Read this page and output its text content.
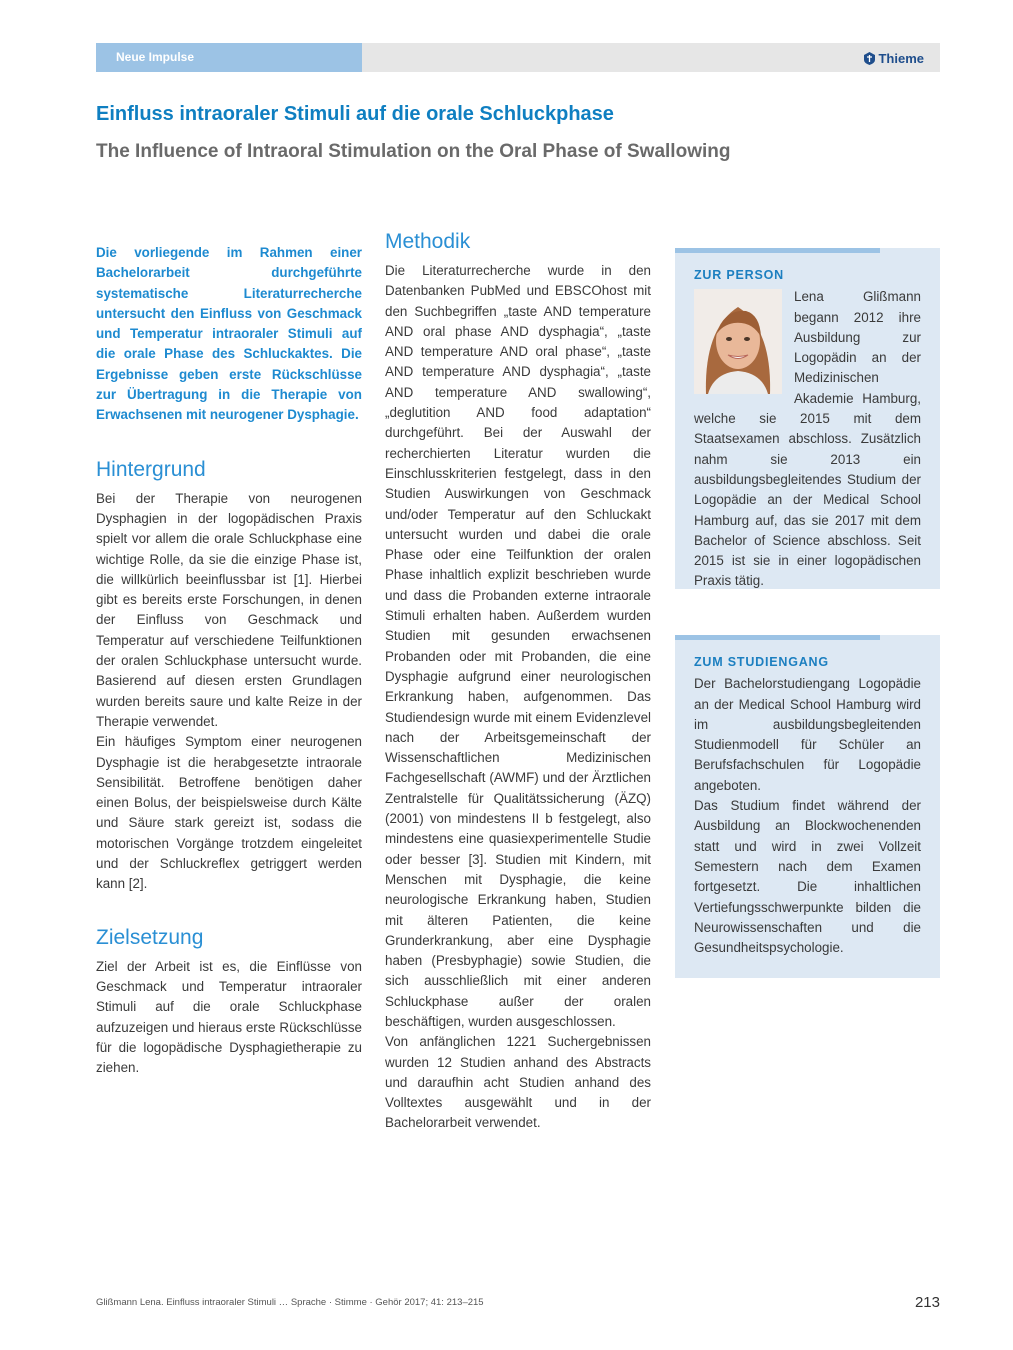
Neue Impulse	Thieme
Einfluss intraoraler Stimuli auf die orale Schluckphase
The Influence of Intraoral Stimulation on the Oral Phase of Swallowing

Die vorliegende im Rahmen einer Bachelorarbeit durchgeführte systematische Literaturrecherche untersucht den Einfluss von Geschmack und Temperatur intraoraler Stimuli auf die orale Phase des Schluckaktes. Die Ergebnisse geben erste Rückschlüsse zur Übertragung in die Therapie von Erwachsenen mit neurogener Dysphagie.

Hintergrund

Bei der Therapie von neurogenen Dysphagien in der logopädischen Praxis spielt vor allem die orale Schluckphase eine wichtige Rolle, da sie die einzige Phase ist, die willkürlich beeinflussbar ist [1]. Hierbei gibt es bereits erste Forschungen, in denen der Einfluss von Geschmack und Temperatur auf verschiedene Teilfunktionen der oralen Schluckphase untersucht wurde. Basierend auf diesen ersten Grundlagen wurden bereits saure und kalte Reize in der Therapie verwendet.

Ein häufiges Symptom einer neurogenen Dysphagie ist die herabgesetzte intraorale Sensibilität. Betroffene benötigen daher einen Bolus, der beispielsweise durch Kälte und Säure stark gereizt ist, sodass die motorischen Vorgänge trotzdem eingeleitet und der Schluckreflex getriggert werden kann [2].

Zielsetzung

Ziel der Arbeit ist es, die Einflüsse von Geschmack und Temperatur intraoraler Stimuli auf die orale Schluckphase aufzuzeigen und hieraus erste Rückschlüsse für die logopädische Dysphagietherapie zu ziehen.

Methodik

Die Literaturrecherche wurde in den Datenbanken PubMed und EBSCOhost mit den Suchbegriffen „taste AND temperature AND oral phase AND dysphagia“, „taste AND temperature AND oral phase“, „taste AND temperature AND dysphagia“, „taste AND temperature AND swallowing“, „deglutition AND food adaptation“ durchgeführt. Bei der Auswahl der recherchierten Literatur wurden die Einschlusskriterien festgelegt, dass in den Studien Auswirkungen von Geschmack und/oder Temperatur auf den Schluckakt untersucht wurden und dabei die orale Phase oder eine Teilfunktion der oralen Phase inhaltlich explizit beschrieben wurde und dass die Probanden externe intraorale Stimuli erhalten haben. Außerdem wurden Studien mit gesunden erwachsenen Probanden oder mit Probanden, die eine Dysphagie aufgrund einer neurologischen Erkrankung haben, aufgenommen. Das Studiendesign wurde mit einem Evidenzlevel nach der Arbeitsgemeinschaft der Wissenschaftlichen Medizinischen Fachgesellschaft (AWMF) und der Ärztlichen Zentralstelle für Qualitätssicherung (ÄZQ) (2001) von mindestens II b festgelegt, also mindestens eine quasiexperimentelle Studie oder besser [3]. Studien mit Kindern, mit Menschen mit Dysphagie, die keine neurologische Erkrankung haben, Studien mit älteren Patienten, die keine Grunderkrankung, aber eine Dysphagie haben (Presbyphagie) sowie Studien, die sich ausschließlich mit einer anderen Schluckphase außer der oralen beschäftigen, wurden ausgeschlossen.

Von anfänglichen 1221 Suchergebnissen wurden 12 Studien anhand des Abstracts und daraufhin acht Studien anhand des Volltextes ausgewählt und in der Bachelorarbeit verwendet.

ZUR PERSON

Lena Glißmann begann 2012 ihre Ausbildung zur Logopädin an der Medizinischen Akademie Hamburg, welche sie 2015 mit dem Staatsexamen abschloss. Zusätzlich nahm sie 2013 ein ausbildungsbegleitendes Studium der Logopädie an der Medical School Hamburg auf, das sie 2017 mit dem Bachelor of Science abschloss. Seit 2015 ist sie in einer logopädischen Praxis tätig.

ZUM STUDIENGANG

Der Bachelorstudiengang Logopädie an der Medical School Hamburg wird im ausbildungsbegleitenden Studienmodell für Schüler an Berufsfachschulen für Logopädie angeboten.

Das Studium findet während der Ausbildung an Blockwochenenden statt und wird in zwei Vollzeit Semestern nach dem Examen fortgesetzt. Die inhaltlichen Vertiefungsschwerpunkte bilden die Neurowissenschaften und die Gesundheitspsychologie.

Glißmann Lena. Einfluss intraoraler Stimuli … Sprache · Stimme · Gehör 2017; 41: 213–215	213
